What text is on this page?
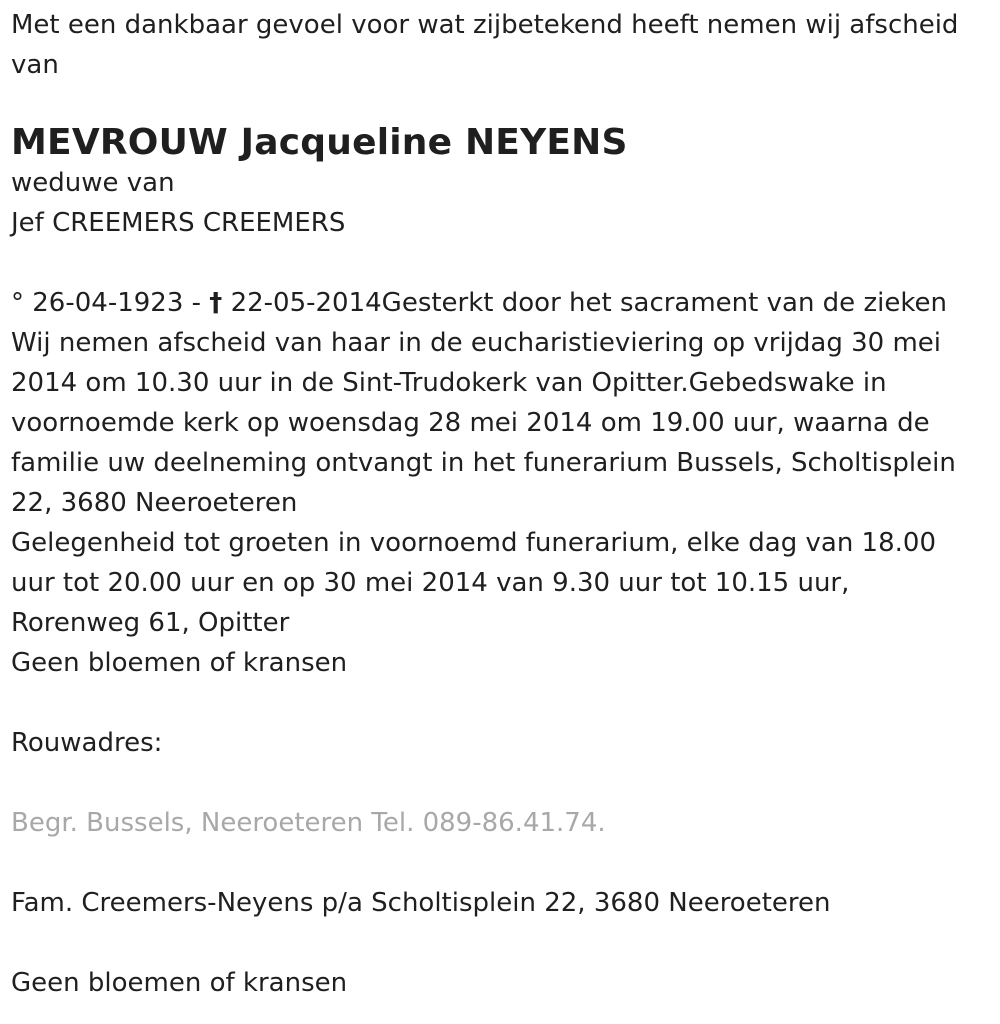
Met een dankbaar gevoel voor wat zijbetekend heeft nemen wij afscheid van
MEVROUW Jacqueline NEYENS
weduwe van
Jef CREEMERS CREEMERS
° 26-04-1923 - † 22-05-2014Gesterkt door het sacrament van de zieken
Wij nemen afscheid van haar in de eucharistieviering op vrijdag 30 mei 2014 om 10.30 uur in de Sint-Trudokerk van Opitter.Gebedswake in voornoemde kerk op woensdag 28 mei 2014 om 19.00 uur, waarna de familie uw deelneming ontvangt in het funerarium Bussels, Scholtisplein 22, 3680 Neeroeteren
Gelegenheid tot groeten in voornoemd funerarium, elke dag van 18.00 uur tot 20.00 uur en op 30 mei 2014 van 9.30 uur tot 10.15 uur, Rorenweg 61, Opitter
Geen bloemen of kransen
Rouwadres:
Begr. Bussels, Neeroeteren Tel. 089-86.41.74.
Fam. Creemers-Neyens p/a Scholtisplein 22, 3680 Neeroeteren
Geen bloemen of kransen
